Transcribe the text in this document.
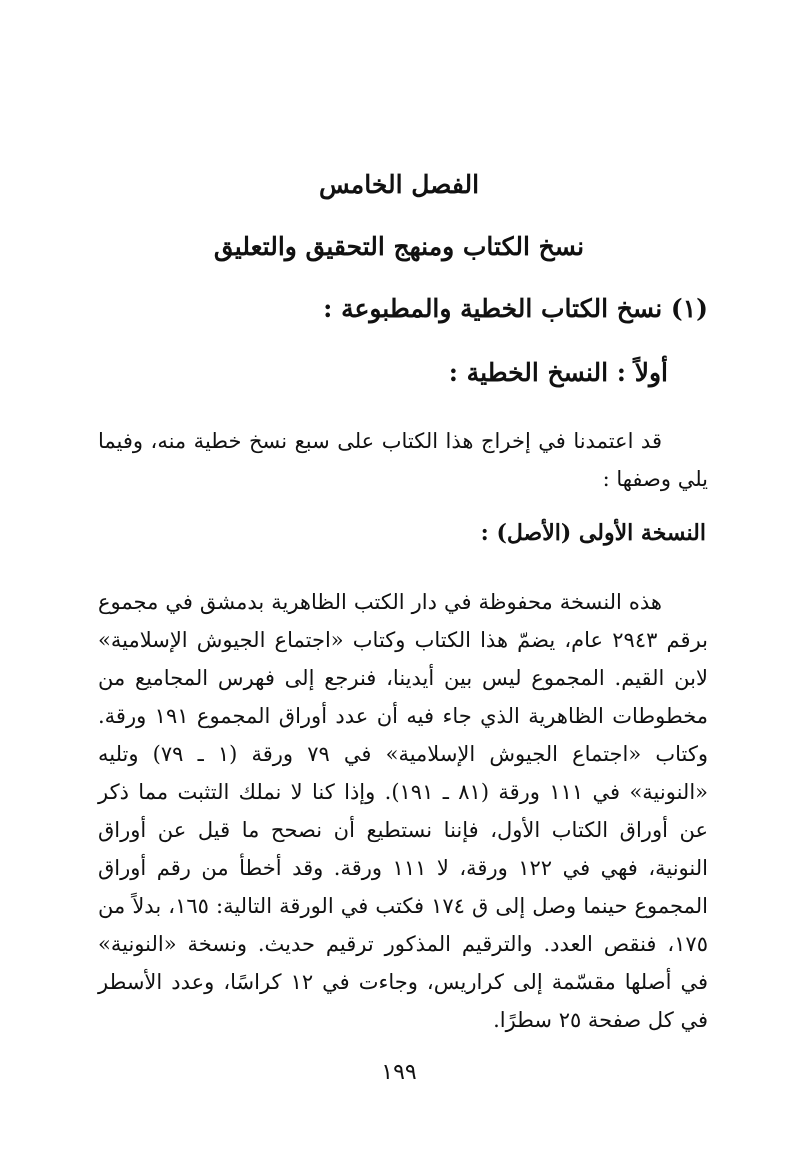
الفصل الخامس
نسخ الكتاب ومنهج التحقيق والتعليق
(١) نسخ الكتاب الخطية والمطبوعة :
أولاً : النسخ الخطية :

قد اعتمدنا في إخراج هذا الكتاب على سبع نسخ خطية منه، وفيما يلي وصفها :

النسخة الأولى (الأصل) :

هذه النسخة محفوظة في دار الكتب الظاهرية بدمشق في مجموع برقم ٢٩٤٣ عام، يضمّ هذا الكتاب وكتاب «اجتماع الجيوش الإسلامية» لابن القيم. المجموع ليس بين أيدينا، فنرجع إلى فهرس المجاميع من مخطوطات الظاهرية الذي جاء فيه أن عدد أوراق المجموع ١٩١ ورقة. وكتاب «اجتماع الجيوش الإسلامية» في ٧٩ ورقة (١ ـ ٧٩) وتليه «النونية» في ١١١ ورقة (٨١ ـ ١٩١). وإذا كنا لا نملك التثبت مما ذكر عن أوراق الكتاب الأول، فإننا نستطيع أن نصحح ما قيل عن أوراق النونية، فهي في ١٢٢ ورقة، لا ١١١ ورقة. وقد أخطأ من رقم أوراق المجموع حينما وصل إلى ق ١٧٤ فكتب في الورقة التالية: ١٦٥، بدلاً من ١٧٥، فنقص العدد. والترقيم المذكور ترقيم حديث. ونسخة «النونية» في أصلها مقسّمة إلى كراريس، وجاءت في ١٢ كراسًا، وعدد الأسطر في كل صفحة ٢٥ سطرًا.

١٩٩
